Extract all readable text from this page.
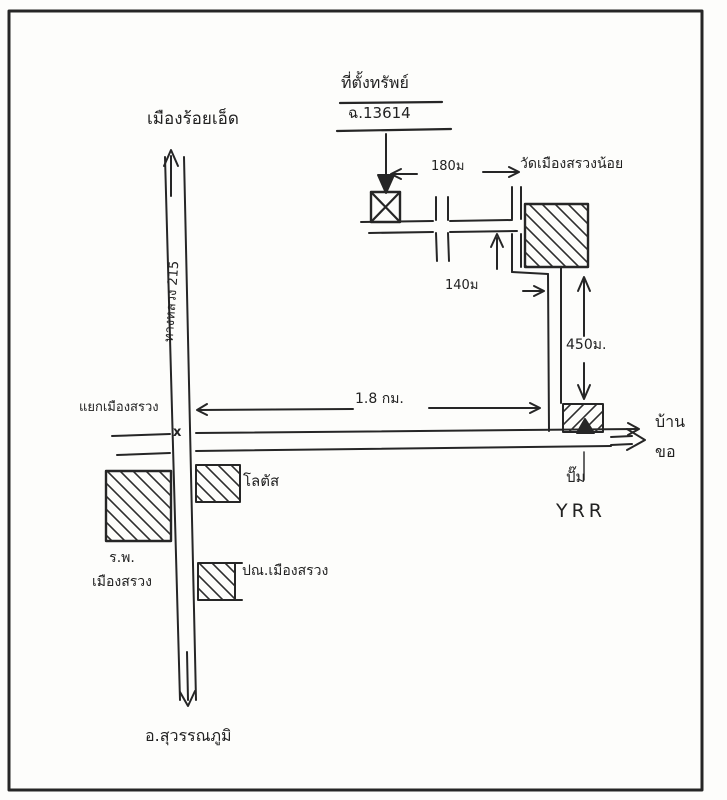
เมืองร้อยเอ็ด
ทางหลวง 215
แยกเมืองสรวง
x
ที่ตั้งทรัพย์
ฉ.13614
180ม	วัดเมืองสรวงน้อย
140ม
450ม.
1.8 กม.
บ้าน
ขอ
ปั๊ม
YRR
โลตัส
ร.พ.
เมืองสรวง
ปณ.เมืองสรวง
อ.สุวรรณภูมิ
